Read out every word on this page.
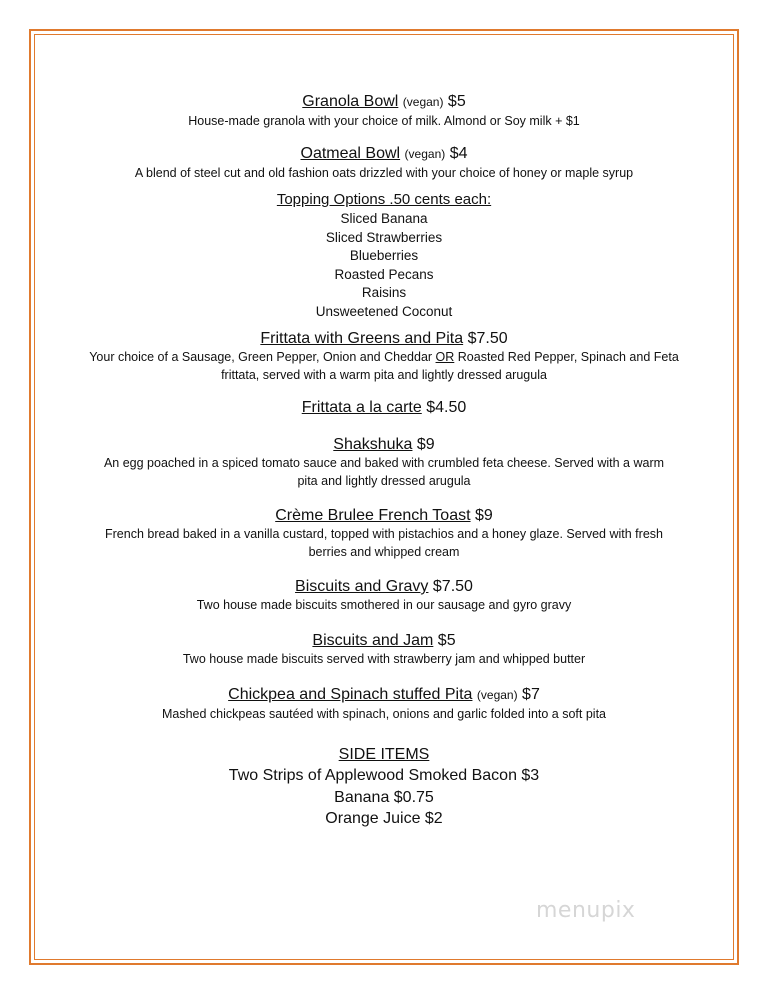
Granola Bowl (vegan) $5
House-made granola with your choice of milk. Almond or Soy milk + $1
Oatmeal Bowl (vegan) $4
A blend of steel cut and old fashion oats drizzled with your choice of honey or maple syrup
Topping Options .50 cents each:
Sliced Banana
Sliced Strawberries
Blueberries
Roasted Pecans
Raisins
Unsweetened Coconut
Frittata with Greens and Pita $7.50
Your choice of a Sausage, Green Pepper, Onion and Cheddar OR Roasted Red Pepper, Spinach and Feta
frittata, served with a warm pita and lightly dressed arugula
Frittata a la carte $4.50
Shakshuka $9
An egg poached in a spiced tomato sauce and baked with crumbled feta cheese. Served with a warm
pita and lightly dressed arugula
Crème Brulee French Toast $9
French bread baked in a vanilla custard, topped with pistachios and a honey glaze. Served with fresh
berries and whipped cream
Biscuits and Gravy $7.50
Two house made biscuits smothered in our sausage and gyro gravy
Biscuits and Jam $5
Two house made biscuits served with strawberry jam and whipped butter
Chickpea and Spinach stuffed Pita (vegan) $7
Mashed chickpeas sautéed with spinach, onions and garlic folded into a soft pita
SIDE ITEMS
Two Strips of Applewood Smoked Bacon $3
Banana $0.75
Orange Juice $2
menupix
